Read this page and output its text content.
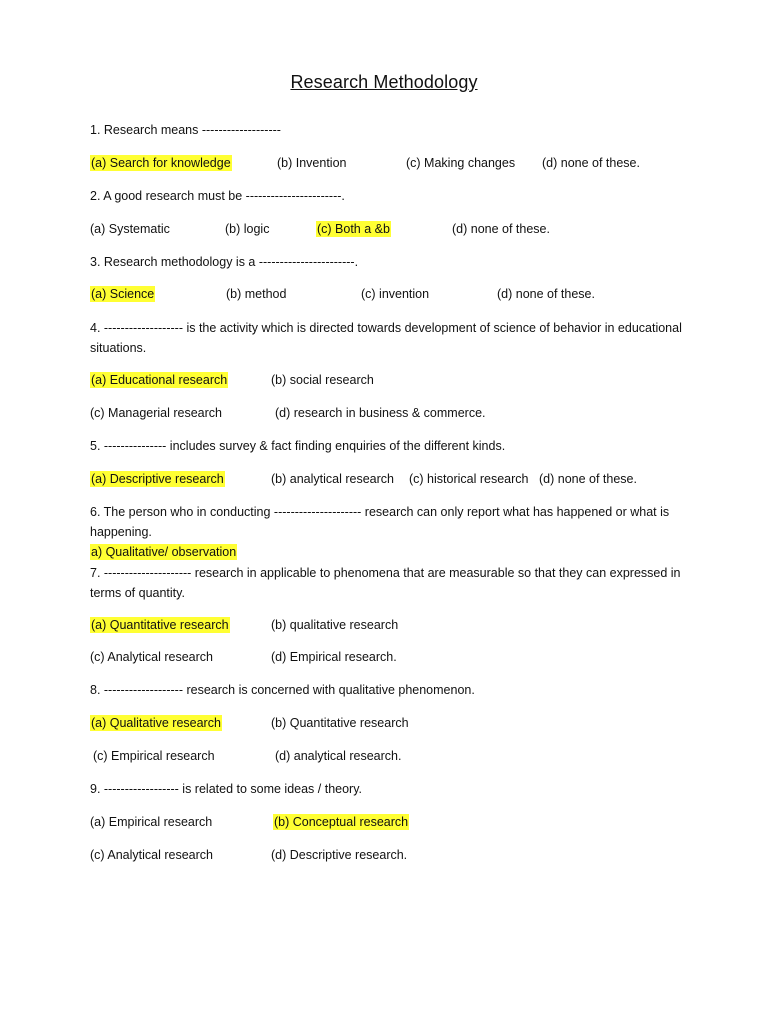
Research Methodology
1. Research means -------------------
(a) Search for knowledge	(b) Invention	(c) Making changes (d) none of these.
2. A good research must be -----------------------.
(a) Systematic	(b) logic	(c) Both a &b	(d) none of these.
3. Research methodology is a -----------------------.
(a) Science	(b) method	(c) invention	(d) none of these.
4. ------------------- is the activity which is directed towards development of science of behavior in educational situations.
(a) Educational research	(b) social research
(c) Managerial research	(d) research in business & commerce.
5. --------------- includes survey & fact finding enquiries of the different kinds.
(a) Descriptive research	(b) analytical research (c) historical research (d) none of these.
6. The person who in conducting --------------------- research can only report what has happened or what is happening.
a) Qualitative/ observation
7. --------------------- research in applicable to phenomena that are measurable so that they can expressed in terms of quantity.
(a) Quantitative research	(b) qualitative research
(c) Analytical research	(d) Empirical research.
8. ------------------- research is concerned with qualitative phenomenon.
(a) Qualitative research	(b) Quantitative research
(c) Empirical research	(d) analytical research.
9. ------------------ is related to some ideas / theory.
(a) Empirical research	(b) Conceptual research
(c) Analytical research	(d) Descriptive research.
